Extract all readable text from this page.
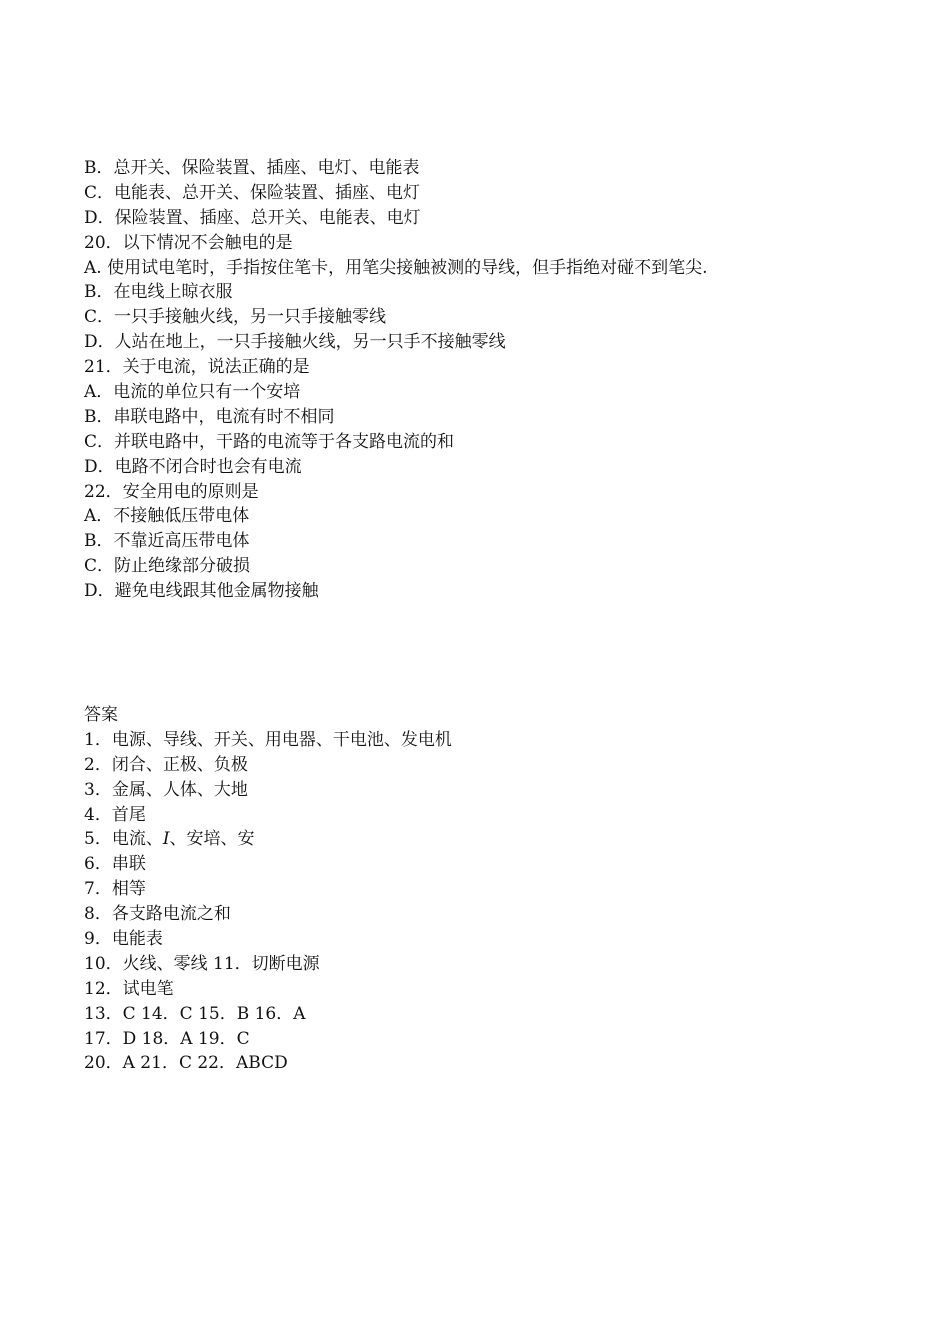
B．总开关、保险装置、插座、电灯、电能表
C．电能表、总开关、保险装置、插座、电灯
D．保险装置、插座、总开关、电能表、电灯
20．以下情况不会触电的是
A. 使用试电笔时，手指按住笔卡，用笔尖接触被测的导线，但手指绝对碰不到笔尖.
B．在电线上晾衣服
C．一只手接触火线，另一只手接触零线
D．人站在地上，一只手接触火线，另一只手不接触零线
21．关于电流，说法正确的是
A．电流的单位只有一个安培
B．串联电路中，电流有时不相同
C．并联电路中，干路的电流等于各支路电流的和
D．电路不闭合时也会有电流
22．安全用电的原则是
A．不接触低压带电体
B．不靠近高压带电体
C．防止绝缘部分破损
D．避免电线跟其他金属物接触
答案
1．电源、导线、开关、用电器、干电池、发电机
2．闭合、正极、负极
3．金属、人体、大地
4．首尾
5．电流、I、安培、安
6．串联
7．相等
8．各支路电流之和
9．电能表
10．火线、零线 11．切断电源
12．试电笔
13．C 14．C 15．B 16．A
17．D 18．A 19．C
20．A 21．C 22．ABCD
